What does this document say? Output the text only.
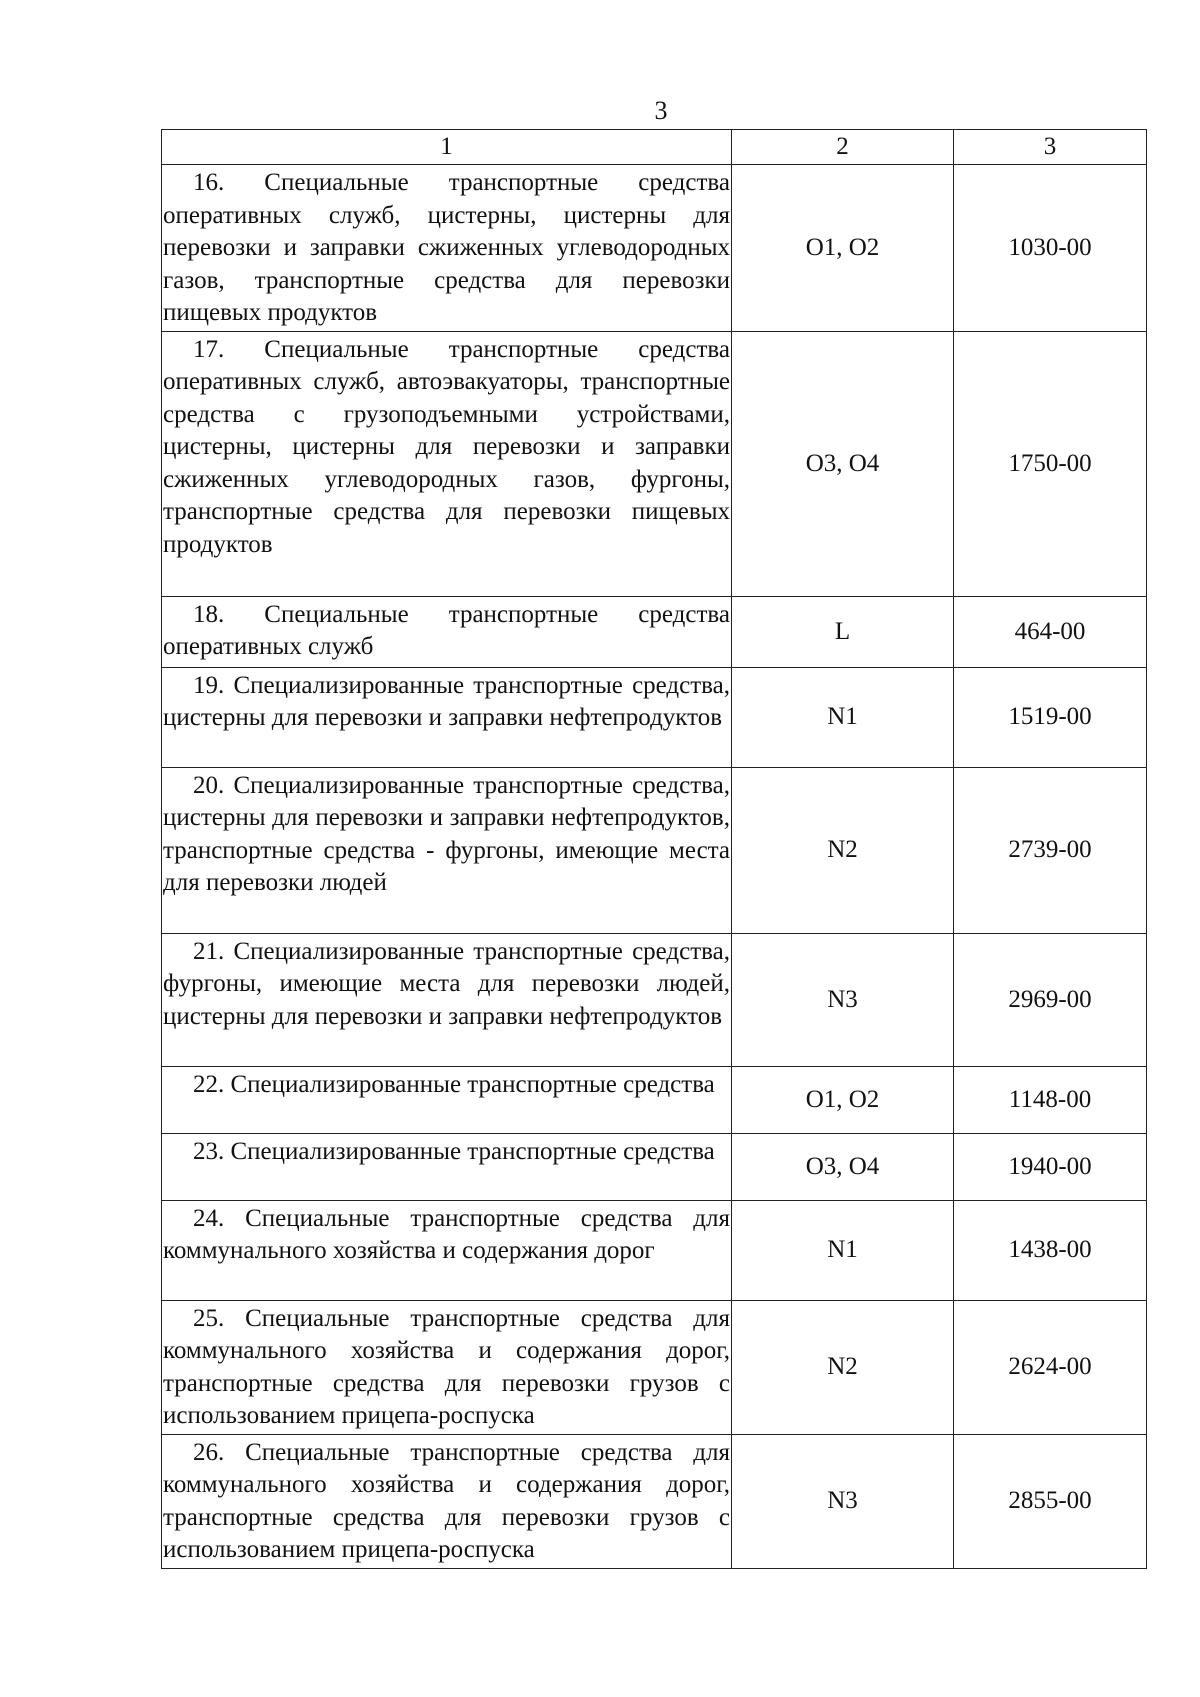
3
1	2	3

16. Специальные транспортные средства оперативных служб, цистерны, цистерны для перевозки и заправки сжиженных углеводородных газов, транспортные средства для перевозки пищевых продуктов	O1, O2	1030-00

17. Специальные транспортные средства оперативных служб, автоэвакуаторы, транспортные средства с грузоподъемными устройствами, цистерны, цистерны для перевозки и заправки сжиженных углеводородных газов, фургоны, транспортные средства для перевозки пищевых продуктов	O3, O4	1750-00

18. Специальные транспортные средства оперативных служб	L	464-00

19. Специализированные транспортные средства, цистерны для перевозки и заправки нефтепродуктов	N1	1519-00

20. Специализированные транспортные средства, цистерны для перевозки и заправки нефтепродуктов, транспортные средства - фургоны, имеющие места для перевозки людей	N2	2739-00

21. Специализированные транспортные средства, фургоны, имеющие места для перевозки людей, цистерны для перевозки и заправки нефтепродуктов	N3	2969-00

22. Специализированные транспортные средства	O1, O2	1148-00

23. Специализированные транспортные средства	O3, O4	1940-00

24. Специальные транспортные средства для коммунального хозяйства и содержания дорог	N1	1438-00

25. Специальные транспортные средства для коммунального хозяйства и содержания дорог, транспортные средства для перевозки грузов с использованием прицепа-роспуска	N2	2624-00

26. Специальные транспортные средства для коммунального хозяйства и содержания дорог, транспортные средства для перевозки грузов с использованием прицепа-роспуска	N3	2855-00
